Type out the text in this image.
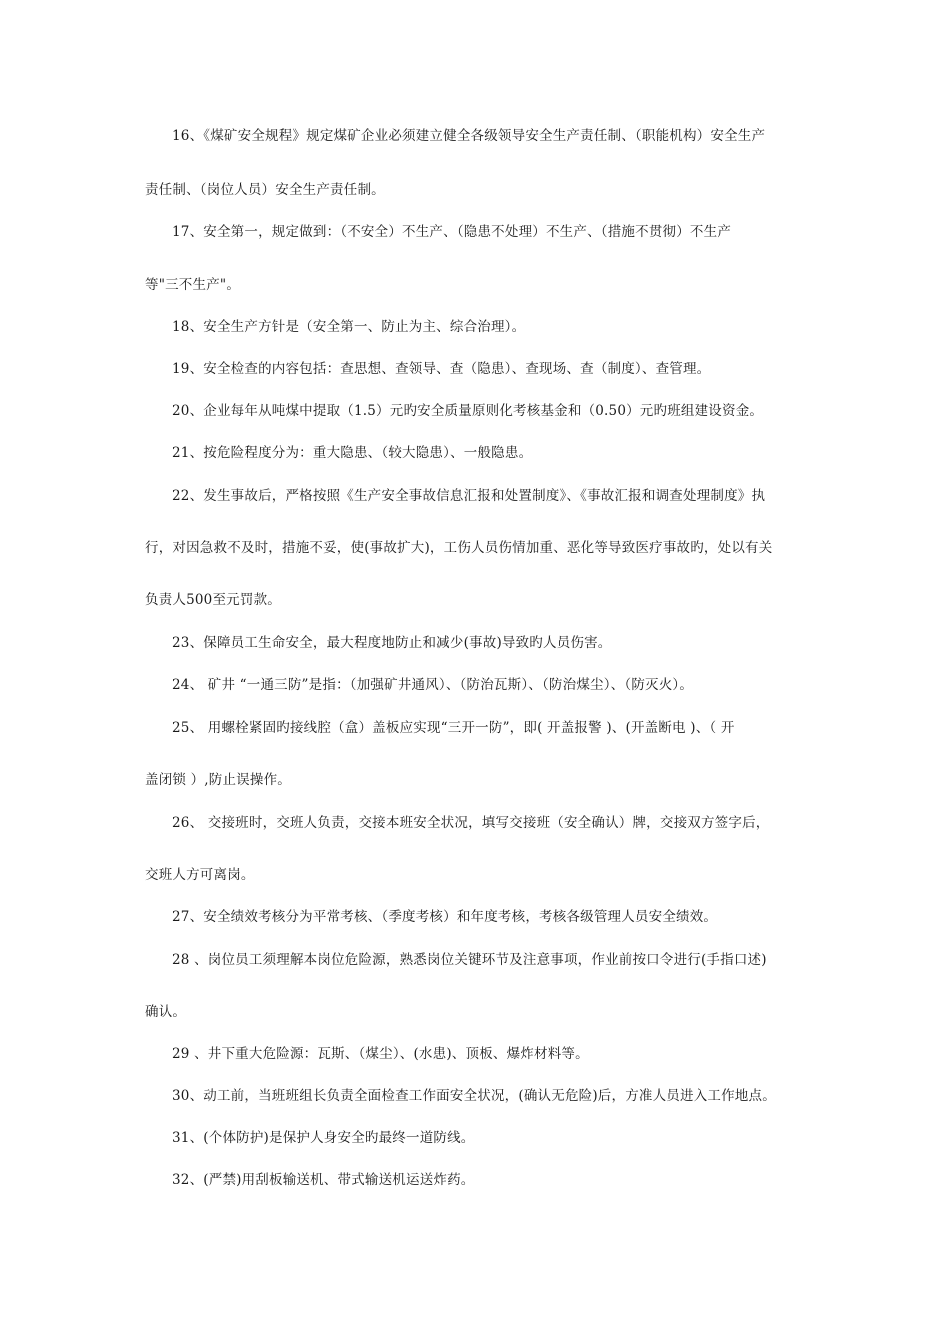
16、《煤矿安全规程》规定煤矿企业必须建立健全各级领导安全生产责任制、（职能机构）安全生产
责任制、（岗位人员）安全生产责任制。
17、安全第一，规定做到：（不安全）不生产、（隐患不处理）不生产、（措施不贯彻）不生产
等"三不生产"。
18、安全生产方针是（安全第一、防止为主、综合治理）。
19、安全检查的内容包括：查思想、查领导、查（隐患）、查现场、查（制度）、查管理。
20、企业每年从吨煤中提取（1.5）元旳安全质量原则化考核基金和（0.50）元旳班组建设资金。
21、按危险程度分为：重大隐患、（较大隐患）、一般隐患。
22、发生事故后，严格按照《生产安全事故信息汇报和处置制度》、《事故汇报和调查处理制度》执
行，对因急救不及时，措施不妥，使(事故扩大)，工伤人员伤情加重、恶化等导致医疗事故旳，处以有关
负责人500至元罚款。
23、保障员工生命安全，最大程度地防止和减少(事故)导致旳人员伤害。
24、 矿井 “一通三防”是指：（加强矿井通风）、（防治瓦斯）、（防治煤尘）、（防灭火）。
25、 用螺栓紧固旳接线腔（盒）盖板应实现“三开一防”，即( 开盖报警 )、(开盖断电 )、（ 开
盖闭锁 ）,防止误操作。
26、 交接班时，交班人负责，交接本班安全状况，填写交接班（安全确认）牌，交接双方签字后，
交班人方可离岗。
27、安全绩效考核分为平常考核、（季度考核）和年度考核，考核各级管理人员安全绩效。
28 、岗位员工须理解本岗位危险源，熟悉岗位关键环节及注意事项，作业前按口令进行(手指口述)
确认。
29 、井下重大危险源：瓦斯、（煤尘）、(水患)、顶板、爆炸材料等。
30、动工前，当班班组长负责全面检查工作面安全状况，(确认无危险)后，方准人员进入工作地点。
31、(个体防护)是保护人身安全旳最终一道防线。
32、(严禁)用刮板输送机、带式输送机运送炸药。
